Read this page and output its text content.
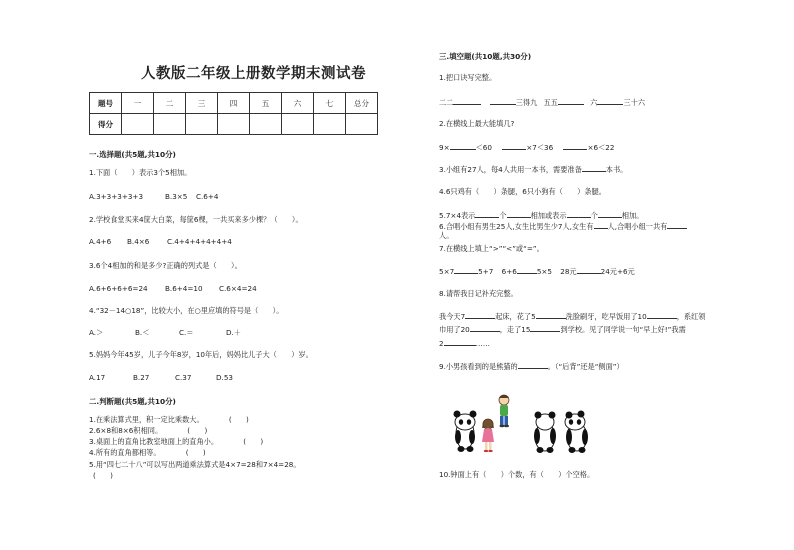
人教版二年级上册数学期末测试卷
题号	一	二	三	四	五	六	七	总分
得分								
一.选择题(共5题,共10分)
1.下面（　　）表示3个5相加。
A.3+3+3+3+3	B.3×5 C.6+4
2.学校食堂买来4筐大白菜，每筐6棵，一共买来多少棵？（　　）。
A.4+6 B.4×6 C.4+4+4+4+4+4
3.6个4相加的和是多少?正确的列式是（　　）。
A.6+6+6+6=24 B.6+4=10 C.6×4=24
4.“32－14○18”，比较大小，在○里应填的符号是（　　）。
A.＞	B.＜	C.＝	D.＋
5.妈妈今年45岁，儿子今年8岁，10年后，妈妈比儿子大（　　）岁。
A.17	B.27	C.37	D.53
二.判断题(共5题,共10分)
1.在乘法算式里，积一定比乘数大。　　　　(　　)
2.6×8和8×6积相同。　　　　(　　)
3.桌面上的直角比教室地面上的直角小。　　　　(　　)
4.所有的直角都相等。　　　　(　　)
5.用“四七二十八”可以写出两道乘法算式是4×7=28和7×4=28。
(　　)
三.填空题(共10题,共30分)
1.把口诀写完整。
二二	三得九 五五	六	三十六
2.在横线上最大能填几?
9×	＜60	×7＜36	×6＜22
3.小组有27人，每4人共用一本书，需要准备	本书。
4.6只鸡有（　　）条腿，6只小狗有（　　）条腿。
5.7×4表示	个	相加或表示	个	相加。
6.合唱小组有男生25人,女生比男生少7人,女生有 人,合唱小组一共有
人。
7.在横线上填上“>”“<”或“=”。
5×7	5+7 6+6	5×5 28元	24元+6元
8.请帮我日记补充完整。
我今天7	起床，花了5	洗脸刷牙，吃早饭用了10	，系红领
巾用了20	，走了15	到学校。见了同学说一句“早上好!”我需
2	……
9.小男孩看到的是熊猫的	。（“后背”还是“侧面”）
10.钟面上有（　　）个数，有（　　）个空格。
